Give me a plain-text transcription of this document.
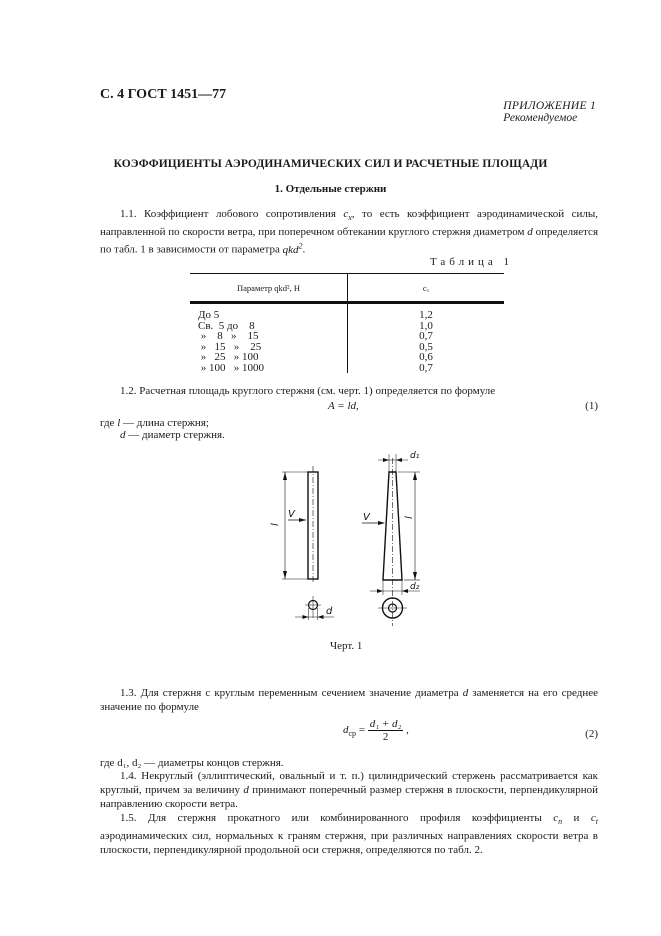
С. 4 ГОСТ 1451—77
ПРИЛОЖЕНИЕ 1
Рекомендуемое
КОЭФФИЦИЕНТЫ АЭРОДИНАМИЧЕСКИХ СИЛ И РАСЧЕТНЫЕ ПЛОЩАДИ
1. Отдельные стержни
1.1. Коэффициент лобового сопротивления $c_x$, то есть коэффициент аэродинамической силы, направленной по скорости ветра, при поперечном обтекании круглого стержня диаметром d определяется по табл. 1 в зависимости от параметра qkd$^2$.
Таблица 1
Параметр qkd², Н	cₓ
До 5	1,2
Св.  5 до    8	1,0
»    8   »    15	0,7
»   15   »    25	0,5
»   25   » 100	0,6
» 100   » 1000	0,7
1.2. Расчетная площадь круглого стержня (см. черт. 1) определяется по формуле
A = ld,	(1)
где l — длина стержня;
d — диаметр стержня.
l
V
d
d₁
l
V
d₂
Черт. 1
1.3. Для стержня с круглым переменным сечением значение диаметра d заменяется на его среднее значение по формуле
$d_{ср} = \frac{\text{d₁ + d₂}}{2}$ ,	(2)
где d₁, d₂ — диаметры концов стержня.
1.4. Некруглый (эллиптический, овальный и т. п.) цилиндрический стержень рассматривается как круглый, причем за величину d принимают поперечный размер стержня в плоскости, перпендикулярной направлению скорости ветра.
1.5. Для стержня прокатного или комбинированного профиля коэффициенты $c_n$ и $c_t$ аэродинамических сил, нормальных к граням стержня, при различных направлениях скорости ветра в плоскости, перпендикулярной продольной оси стержня, определяются по табл. 2.
